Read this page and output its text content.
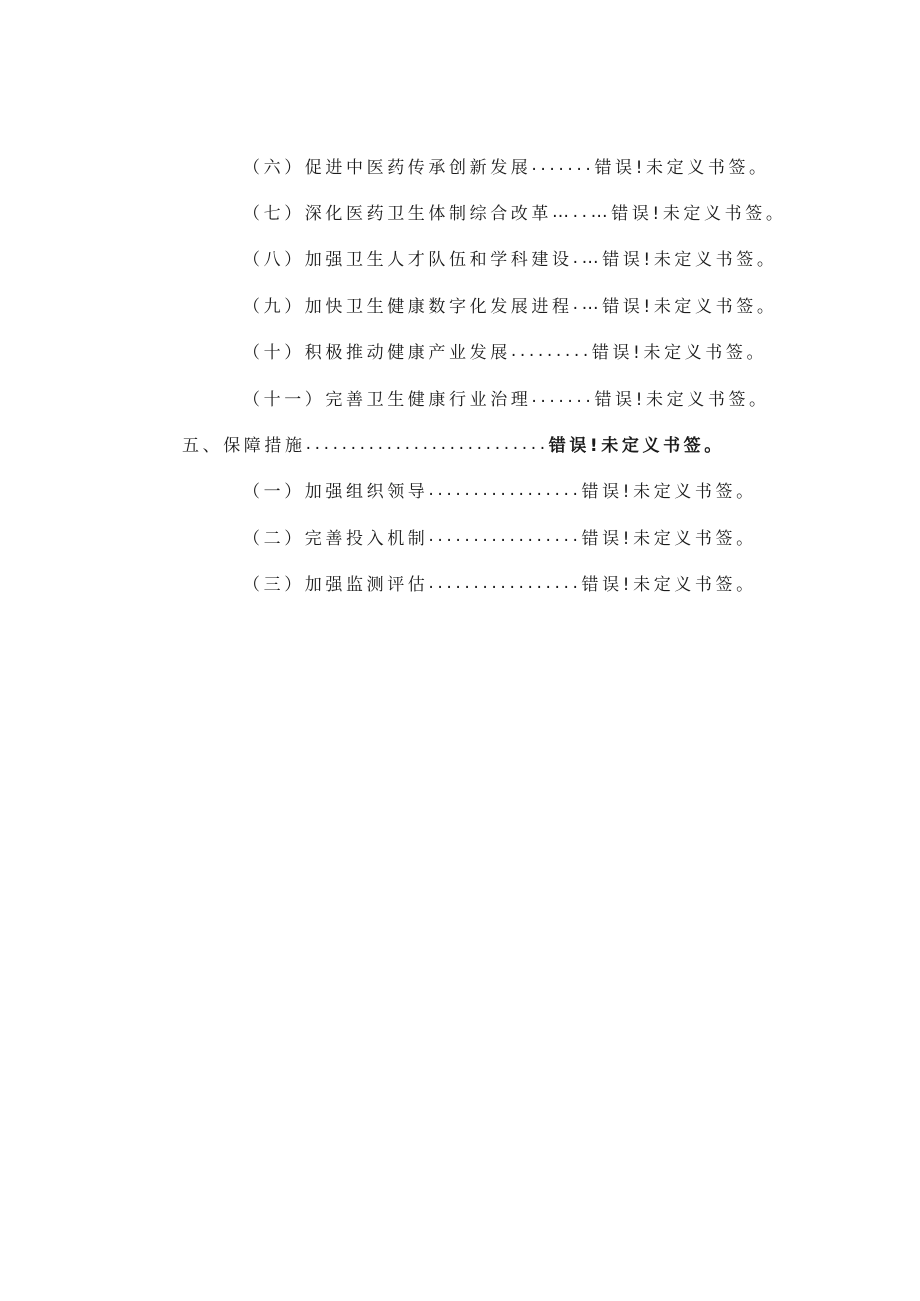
（六）促进中医药传承创新发展 ....... 错误!未定义书签。
（七）深化医药卫生体制综合改革 …..… 错误!未定义书签。
（八）加强卫生人才队伍和学科建设 .… 错误!未定义书签。
（九）加快卫生健康数字化发展进程 .… 错误!未定义书签。
（十）积极推动健康产业发展 ......... 错误!未定义书签。
（十一）完善卫生健康行业治理 ....... 错误!未定义书签。
五、保障措施 ........................... 错误!未定义书签。
（一）加强组织领导 ................. 错误!未定义书签。
（二）完善投入机制 ................. 错误!未定义书签。
（三）加强监测评估 ................. 错误!未定义书签。
